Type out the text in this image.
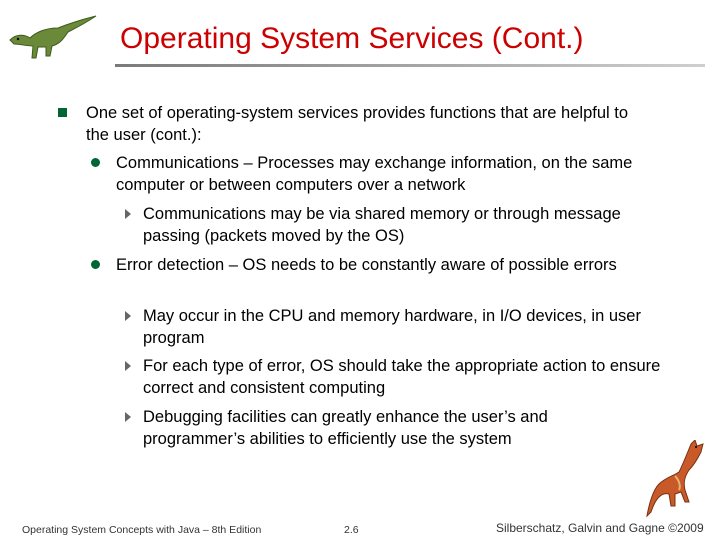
Operating System Services (Cont.)
One set of operating-system services provides functions that are helpful to the user (cont.):
Communications – Processes may exchange information, on the same computer or between computers over a network
Communications may be via shared memory or through message passing (packets moved by the OS)
Error detection – OS needs to be constantly aware of possible errors
May occur in the CPU and memory hardware, in I/O devices, in user program
For each type of error, OS should take the appropriate action to ensure correct and consistent computing
Debugging facilities can greatly enhance the user’s and programmer’s abilities to efficiently use the system
Operating System Concepts with Java – 8th Edition	2.6	Silberschatz, Galvin and Gagne ©2009
